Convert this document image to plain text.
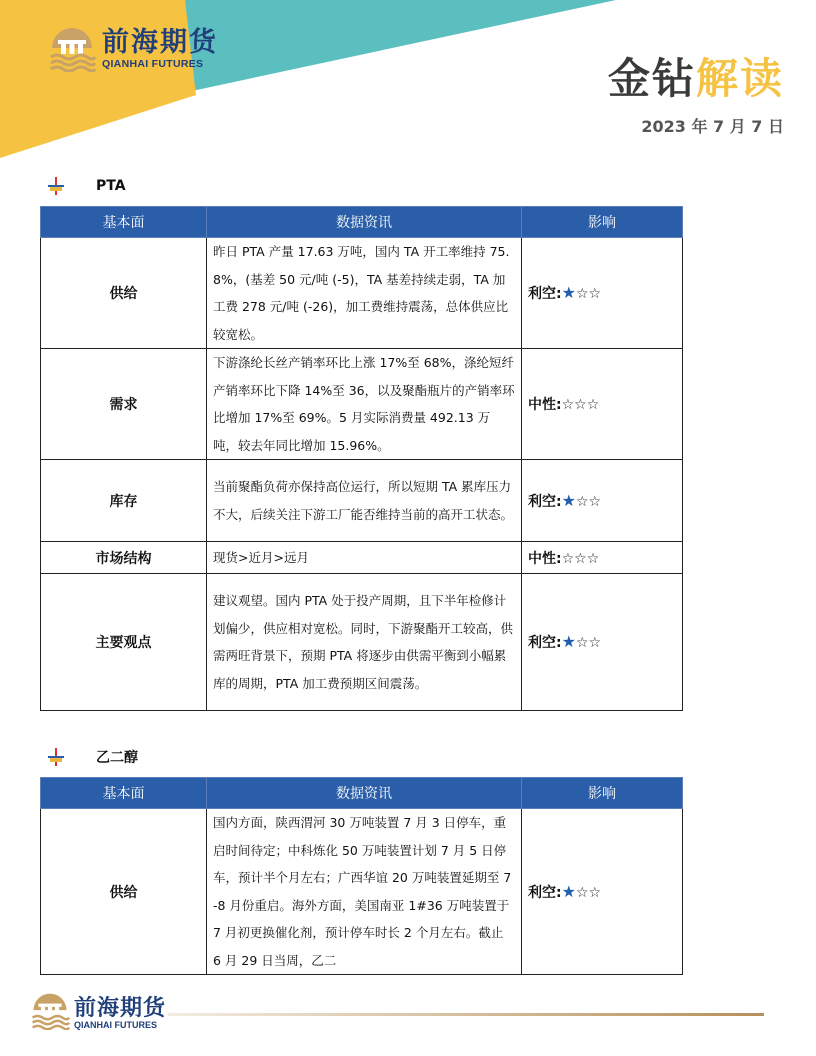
前海期货
QIANHAI FUTURES	金钻解读
2023 年 7 月 7 日
PTA
基本面	数据资讯	影响
供给	昨日 PTA 产量 17.63 万吨，国内 TA 开工率维持 75.8%，(基差 50 元/吨 (-5)，TA 基差持续走弱，TA 加工费 278 元/吨 (-26)，加工费维持震荡，总体供应比较宽松。	利空:★☆☆
需求	下游涤纶长丝产销率环比上涨 17%至 68%，涤纶短纤产销率环比下降 14%至 36，以及聚酯瓶片的产销率环比增加 17%至 69%。5 月实际消费量 492.13 万吨，较去年同比增加 15.96%。	中性:☆☆☆
库存	当前聚酯负荷亦保持高位运行，所以短期 TA 累库压力不大，后续关注下游工厂能否维持当前的高开工状态。	利空:★☆☆
市场结构	现货>近月>远月	中性:☆☆☆
主要观点	建议观望。国内 PTA 处于投产周期，且下半年检修计划偏少，供应相对宽松。同时，下游聚酯开工较高，供需两旺背景下，预期 PTA 将逐步由供需平衡到小幅累库的周期，PTA 加工费预期区间震荡。	利空:★☆☆
乙二醇
基本面	数据资讯	影响
供给	国内方面，陕西渭河 30 万吨装置 7 月 3 日停车，重启时间待定；中科炼化 50 万吨装置计划 7 月 5 日停车，预计半个月左右；广西华谊 20 万吨装置延期至 7-8 月份重启。海外方面，美国南亚 1#36 万吨装置于 7 月初更换催化剂，预计停车时长 2 个月左右。截止 6 月 29 日当周，乙二	利空:★☆☆
前海期货
QIANHAI FUTURES
